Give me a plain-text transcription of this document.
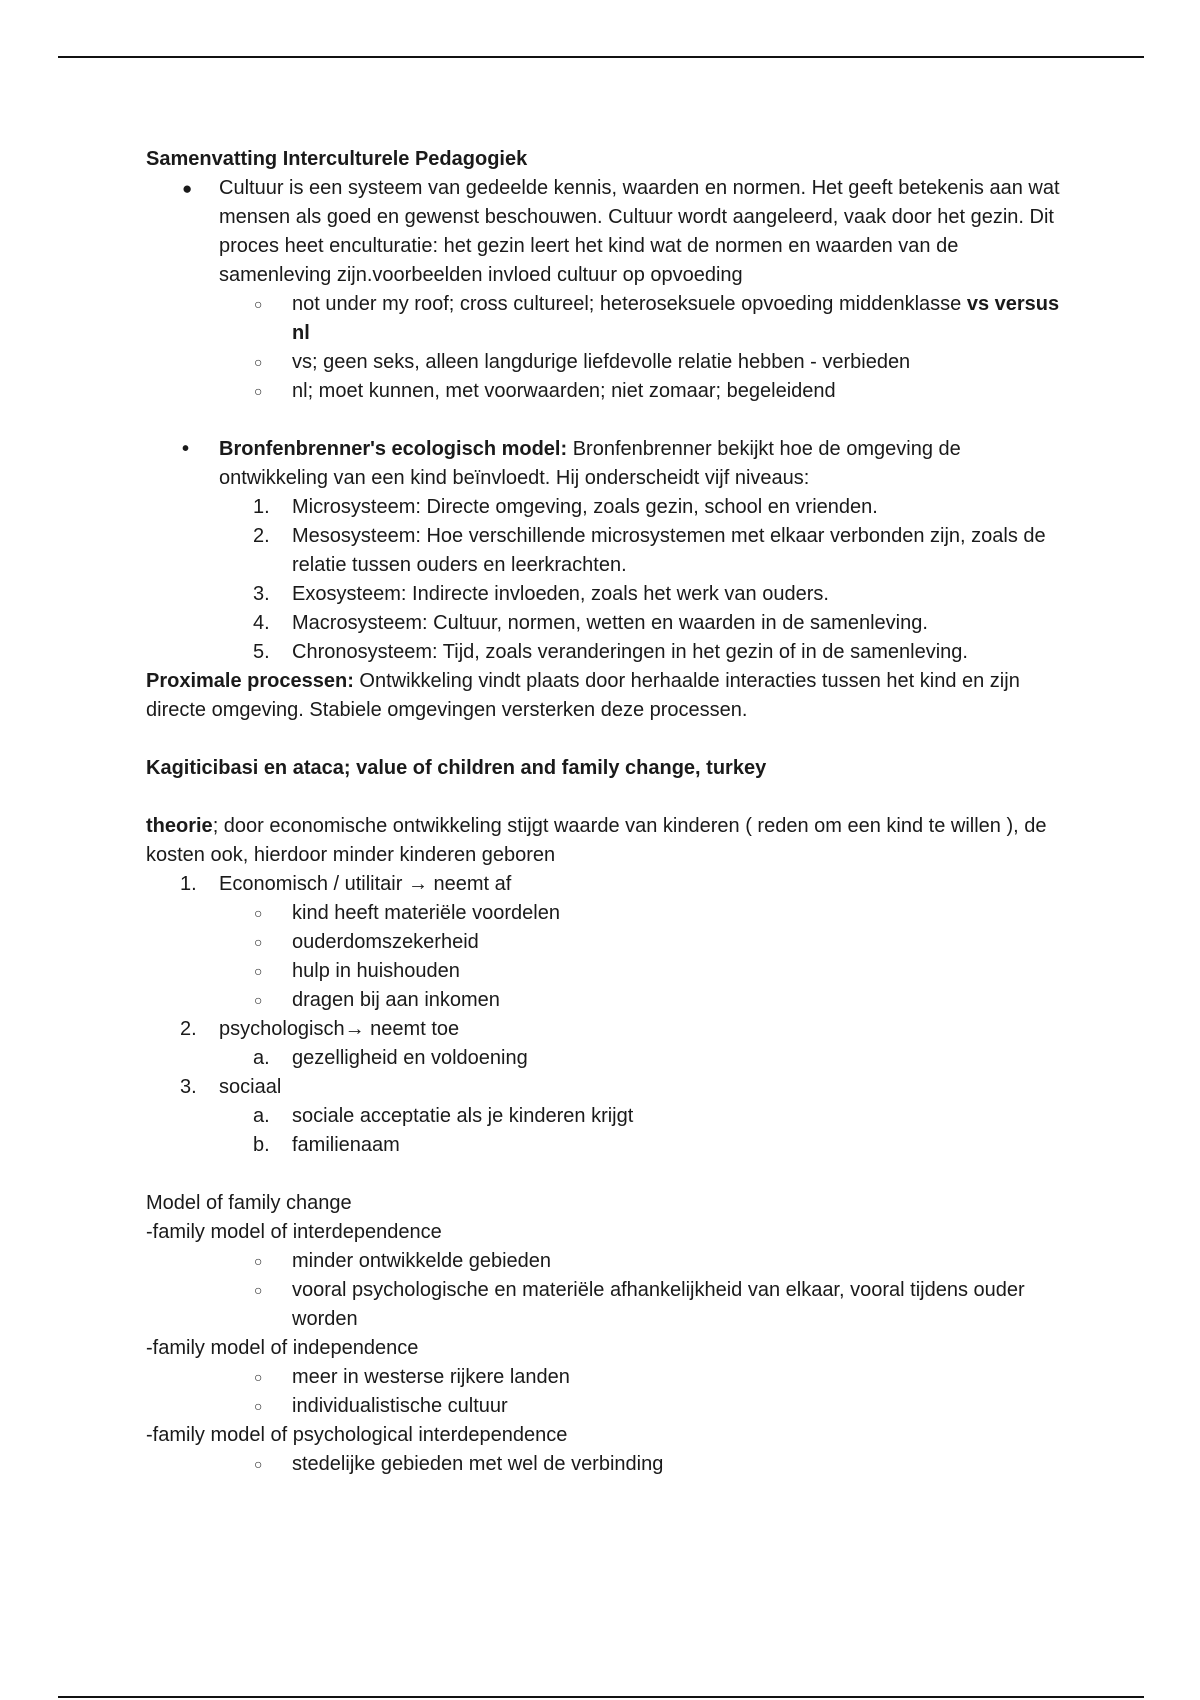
Samenvatting Interculturele Pedagogiek

●	Cultuur is een systeem van gedeelde kennis, waarden en normen. Het geeft betekenis aan wat mensen als goed en gewenst beschouwen. Cultuur wordt aangeleerd, vaak door het gezin. Dit proces heet enculturatie: het gezin leert het kind wat de normen en waarden van de samenleving zijn.voorbeelden invloed cultuur op opvoeding
○	not under my roof; cross cultureel; heteroseksuele opvoeding middenklasse vs versus nl
○	vs; geen seks, alleen langdurige liefdevolle relatie hebben - verbieden
○	nl; moet kunnen, met voorwaarden; niet zomaar; begeleidend
•	Bronfenbrenner's ecologisch model: Bronfenbrenner bekijkt hoe de omgeving de ontwikkeling van een kind beïnvloedt. Hij onderscheidt vijf niveaus:
1.	Microsysteem: Directe omgeving, zoals gezin, school en vrienden.
2.	Mesosysteem: Hoe verschillende microsystemen met elkaar verbonden zijn, zoals de relatie tussen ouders en leerkrachten.
3.	Exosysteem: Indirecte invloeden, zoals het werk van ouders.
4.	Macrosysteem: Cultuur, normen, wetten en waarden in de samenleving.
5.	Chronosysteem: Tijd, zoals veranderingen in het gezin of in de samenleving.

Proximale processen: Ontwikkeling vindt plaats door herhaalde interacties tussen het kind en zijn directe omgeving. Stabiele omgevingen versterken deze processen.

Kagiticibasi en ataca; value of children and family change, turkey

theorie; door economische ontwikkeling stijgt waarde van kinderen ( reden om een kind te willen ), de kosten ook, hierdoor minder kinderen geboren

1.	Economisch / utilitair → neemt af
○	kind heeft materiële voordelen
○	ouderdomszekerheid
○	hulp in huishouden
○	dragen bij aan inkomen
2.	psychologisch→ neemt toe
a.	gezelligheid en voldoening
3.	sociaal
a.	sociale acceptatie als je kinderen krijgt
b.	familienaam

Model of family change

-family model of interdependence

○	minder ontwikkelde gebieden
○	vooral psychologische en materiële afhankelijkheid van elkaar, vooral tijdens ouder worden

-family model of independence

○	meer in westerse rijkere landen
○	individualistische cultuur

-family model of psychological interdependence

○	stedelijke gebieden met wel de verbinding
